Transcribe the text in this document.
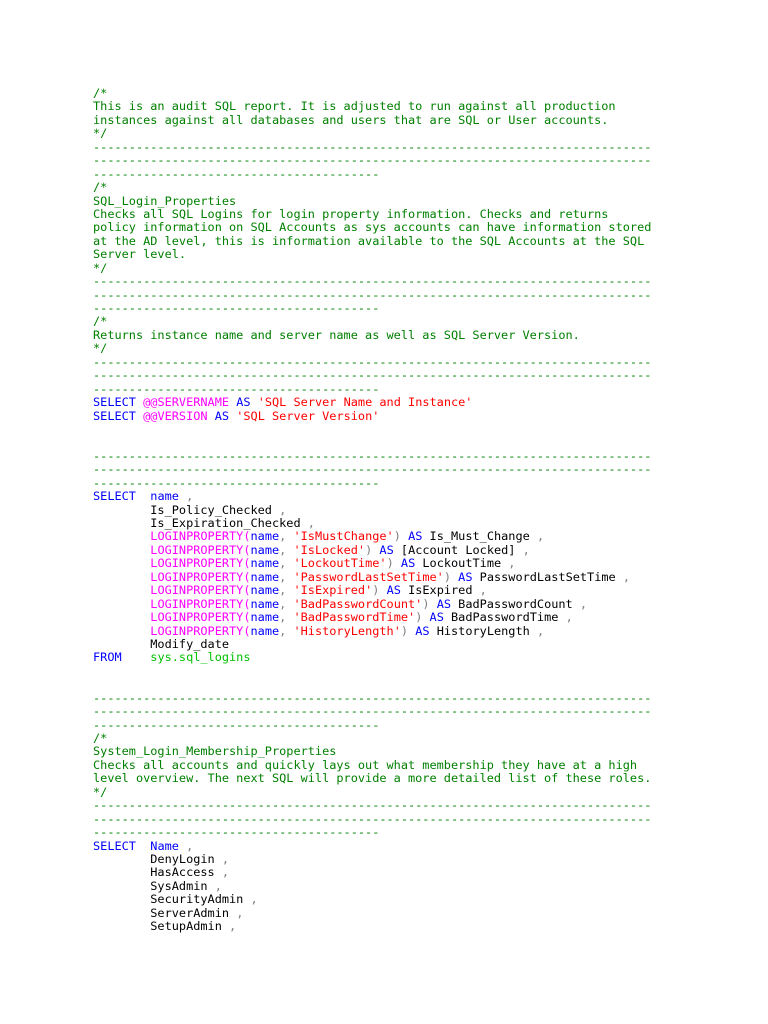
/*
This is an audit SQL report. It is adjusted to run against all production
instances against all databases and users that are SQL or User accounts.
*/
------------------------------------------------------------------------------
------------------------------------------------------------------------------
----------------------------------------
/*
SQL_Login_Properties
Checks all SQL Logins for login property information. Checks and returns
policy information on SQL Accounts as sys accounts can have information stored
at the AD level, this is information available to the SQL Accounts at the SQL
Server level.
*/
------------------------------------------------------------------------------
------------------------------------------------------------------------------
----------------------------------------
/*
Returns instance name and server name as well as SQL Server Version.
*/
------------------------------------------------------------------------------
------------------------------------------------------------------------------
----------------------------------------
SELECT @@SERVERNAME AS 'SQL Server Name and Instance'
SELECT @@VERSION AS 'SQL Server Version'
------------------------------------------------------------------------------
------------------------------------------------------------------------------
----------------------------------------
SELECT name ,
Is_Policy_Checked ,
Is_Expiration_Checked ,
LOGINPROPERTY(name, 'IsMustChange') AS Is_Must_Change ,
LOGINPROPERTY(name, 'IsLocked') AS [Account Locked] ,
LOGINPROPERTY(name, 'LockoutTime') AS LockoutTime ,
LOGINPROPERTY(name, 'PasswordLastSetTime') AS PasswordLastSetTime ,
LOGINPROPERTY(name, 'IsExpired') AS IsExpired ,
LOGINPROPERTY(name, 'BadPasswordCount') AS BadPasswordCount ,
LOGINPROPERTY(name, 'BadPasswordTime') AS BadPasswordTime ,
LOGINPROPERTY(name, 'HistoryLength') AS HistoryLength ,
Modify_date
FROM sys.sql_logins
------------------------------------------------------------------------------
------------------------------------------------------------------------------
----------------------------------------
/*
System_Login_Membership_Properties
Checks all accounts and quickly lays out what membership they have at a high
level overview. The next SQL will provide a more detailed list of these roles.
*/
------------------------------------------------------------------------------
------------------------------------------------------------------------------
----------------------------------------
SELECT Name ,
DenyLogin ,
HasAccess ,
SysAdmin ,
SecurityAdmin ,
ServerAdmin ,
SetupAdmin ,
